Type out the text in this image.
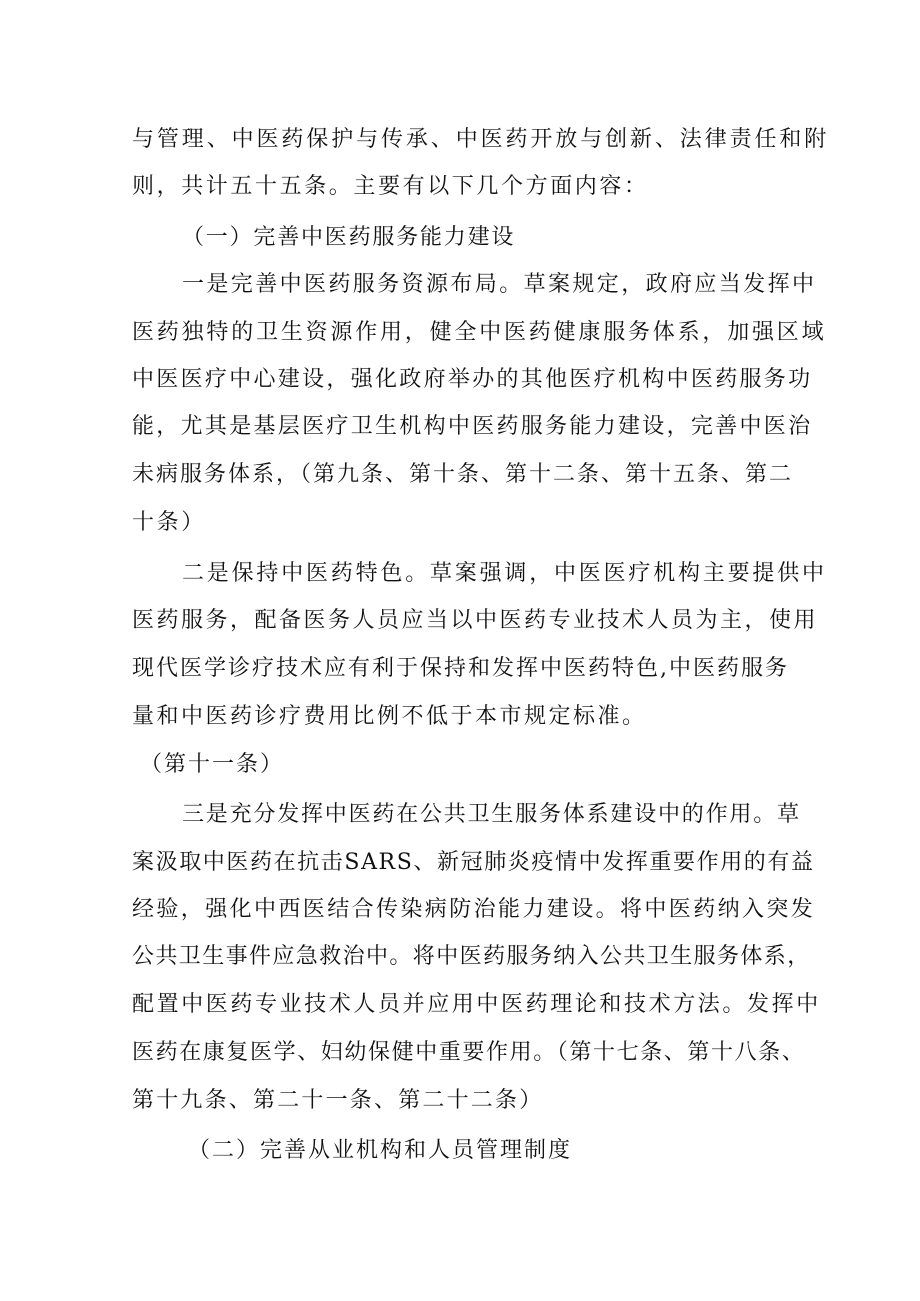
与管理、中医药保护与传承、中医药开放与创新、法律责任和附
则，共计五十五条。主要有以下几个方面内容：
（一）完善中医药服务能力建设
一是完善中医药服务资源布局。草案规定，政府应当发挥中
医药独特的卫生资源作用，健全中医药健康服务体系，加强区域
中医医疗中心建设，强化政府举办的其他医疗机构中医药服务功
能，尤其是基层医疗卫生机构中医药服务能力建设，完善中医治
未病服务体系，（第九条、第十条、第十二条、第十五条、第二
十条）
二是保持中医药特色。草案强调，中医医疗机构主要提供中
医药服务，配备医务人员应当以中医药专业技术人员为主，使用
现代医学诊疗技术应有利于保持和发挥中医药特色,中医药服务
量和中医药诊疗费用比例不低于本市规定标准。
（第十一条）
三是充分发挥中医药在公共卫生服务体系建设中的作用。草
案汲取中医药在抗击SARS、新冠肺炎疫情中发挥重要作用的有益
经验，强化中西医结合传染病防治能力建设。将中医药纳入突发
公共卫生事件应急救治中。将中医药服务纳入公共卫生服务体系，
配置中医药专业技术人员并应用中医药理论和技术方法。发挥中
医药在康复医学、妇幼保健中重要作用。（第十七条、第十八条、
第十九条、第二十一条、第二十二条）
（二）完善从业机构和人员管理制度
